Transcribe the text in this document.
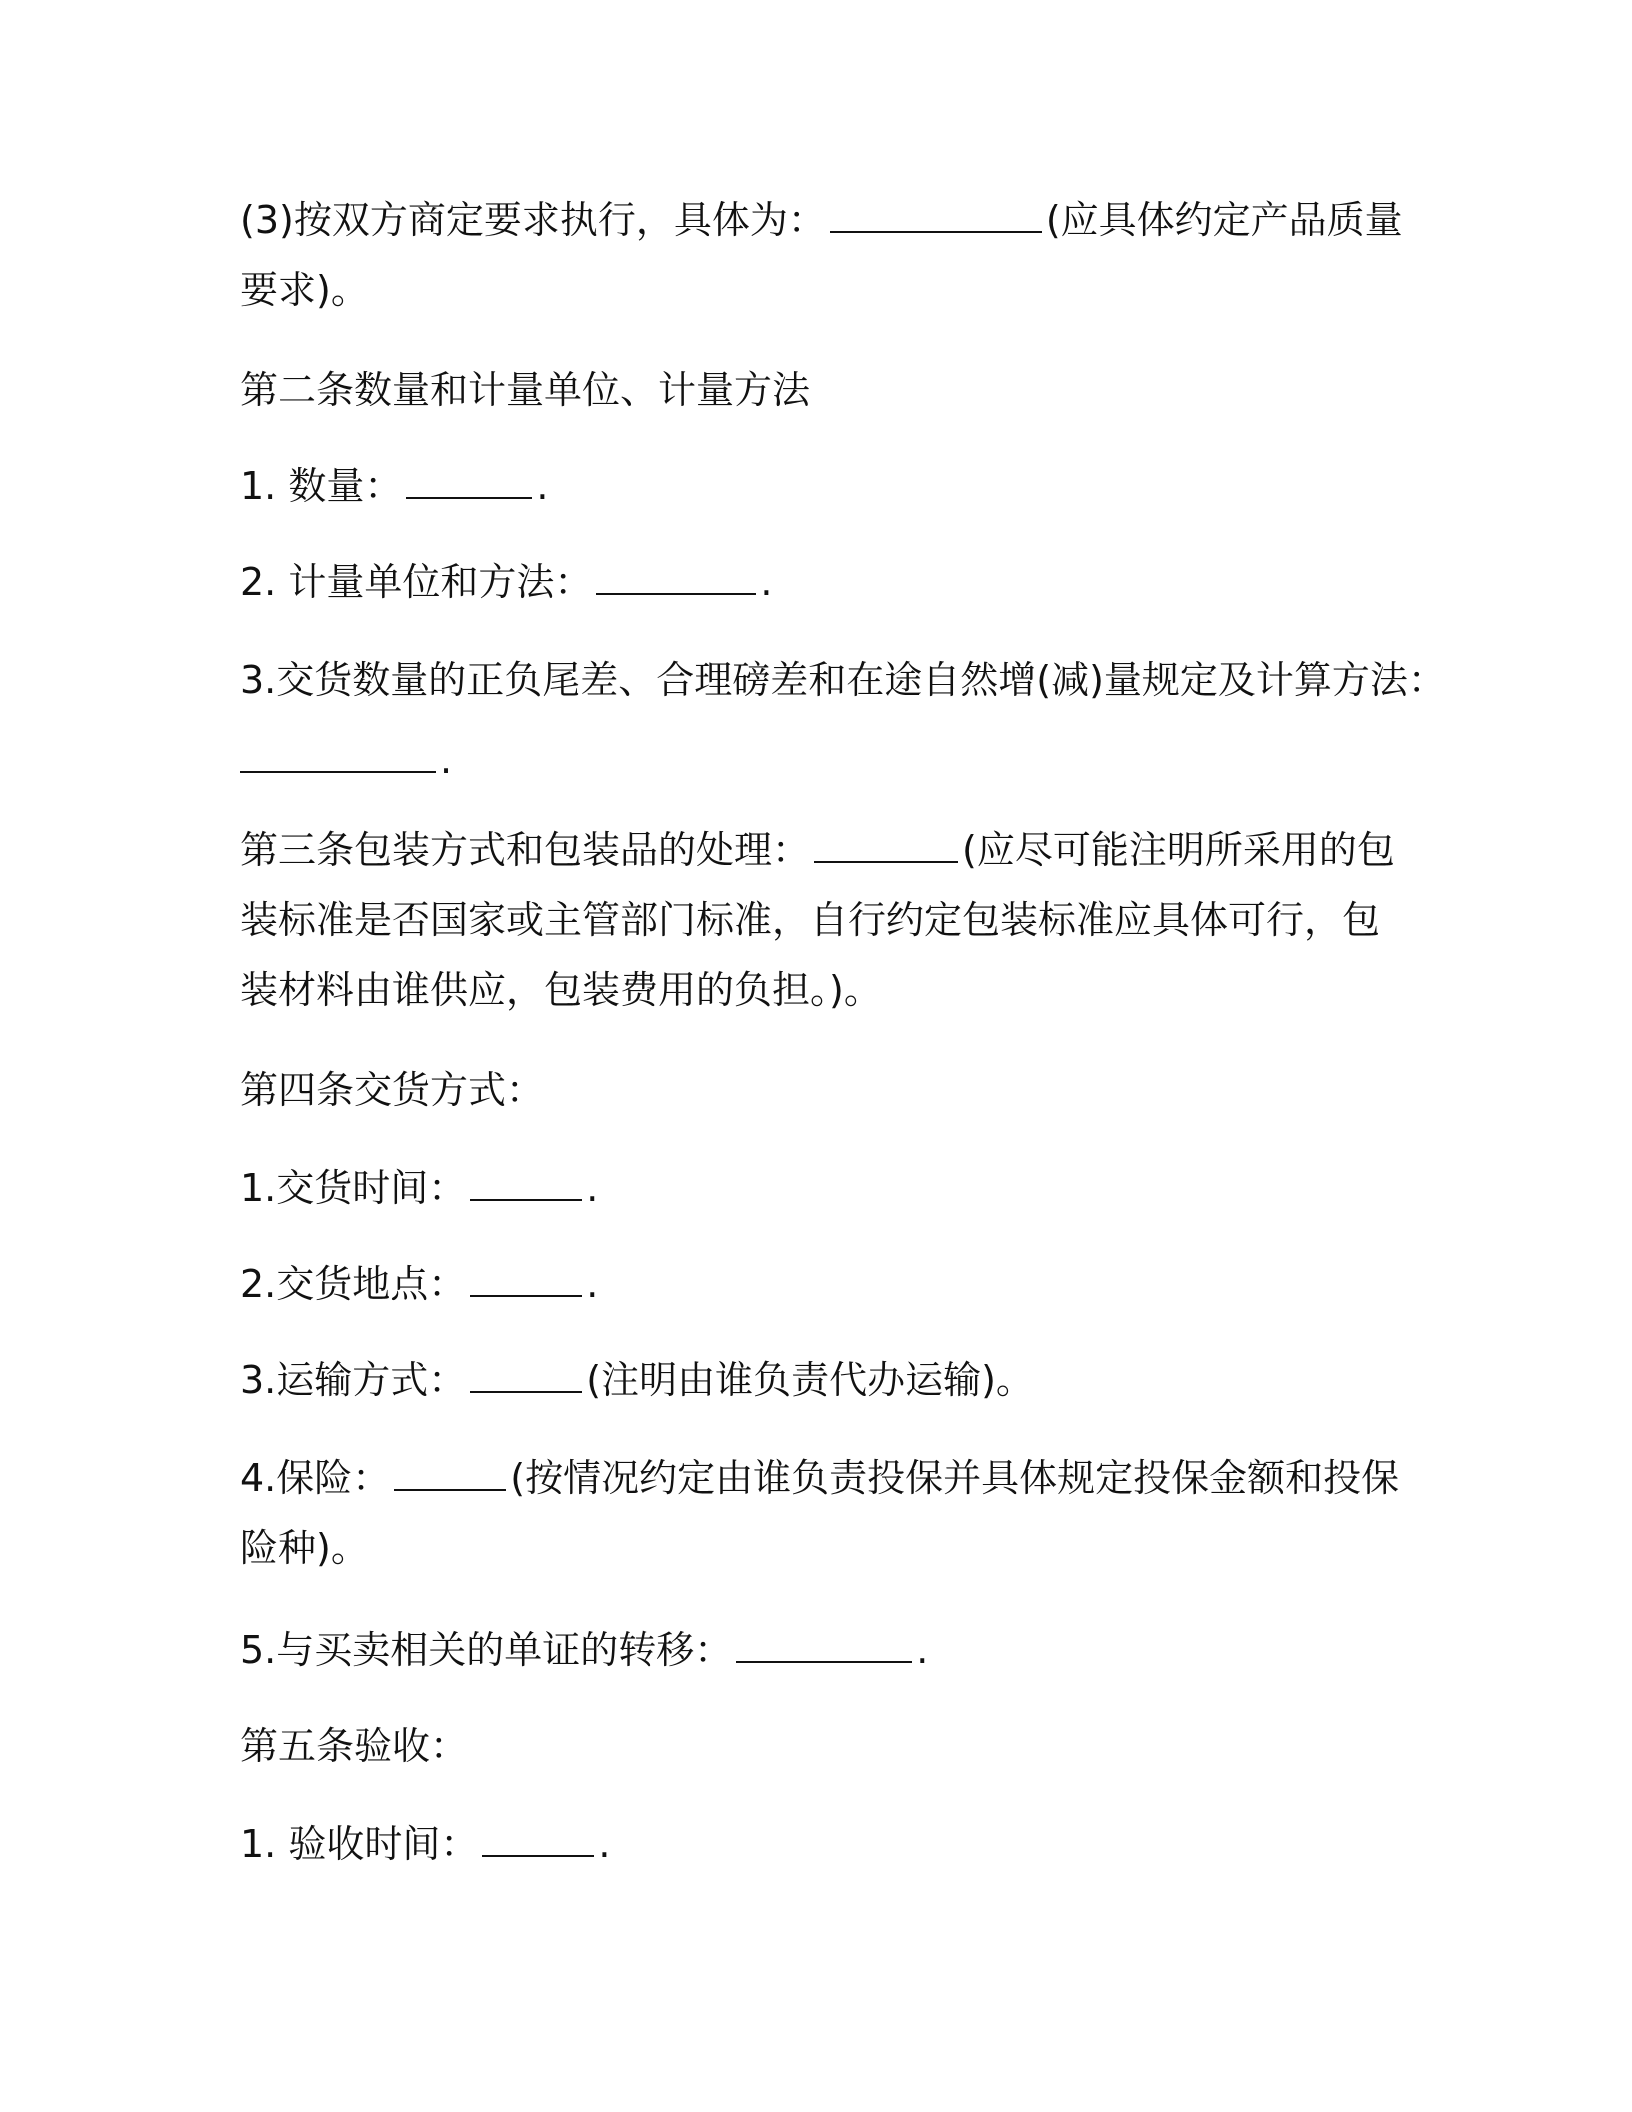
(3)按双方商定要求执行，具体为：	(应具体约定产品质量
要求)。
第二条数量和计量单位、计量方法
1. 数量：	.
2. 计量单位和方法：	.
3.交货数量的正负尾差、合理磅差和在途自然增(减)量规定及计算方法：
.
第三条包装方式和包装品的处理：	(应尽可能注明所采用的包
装标准是否国家或主管部门标准，自行约定包装标准应具体可行，包
装材料由谁供应，包装费用的负担。)。
第四条交货方式：
1.交货时间：	.
2.交货地点：	.
3.运输方式：	(注明由谁负责代办运输)。
4.保险：	(按情况约定由谁负责投保并具体规定投保金额和投保
险种)。
5.与买卖相关的单证的转移：	.
第五条验收：
1. 验收时间：	.
